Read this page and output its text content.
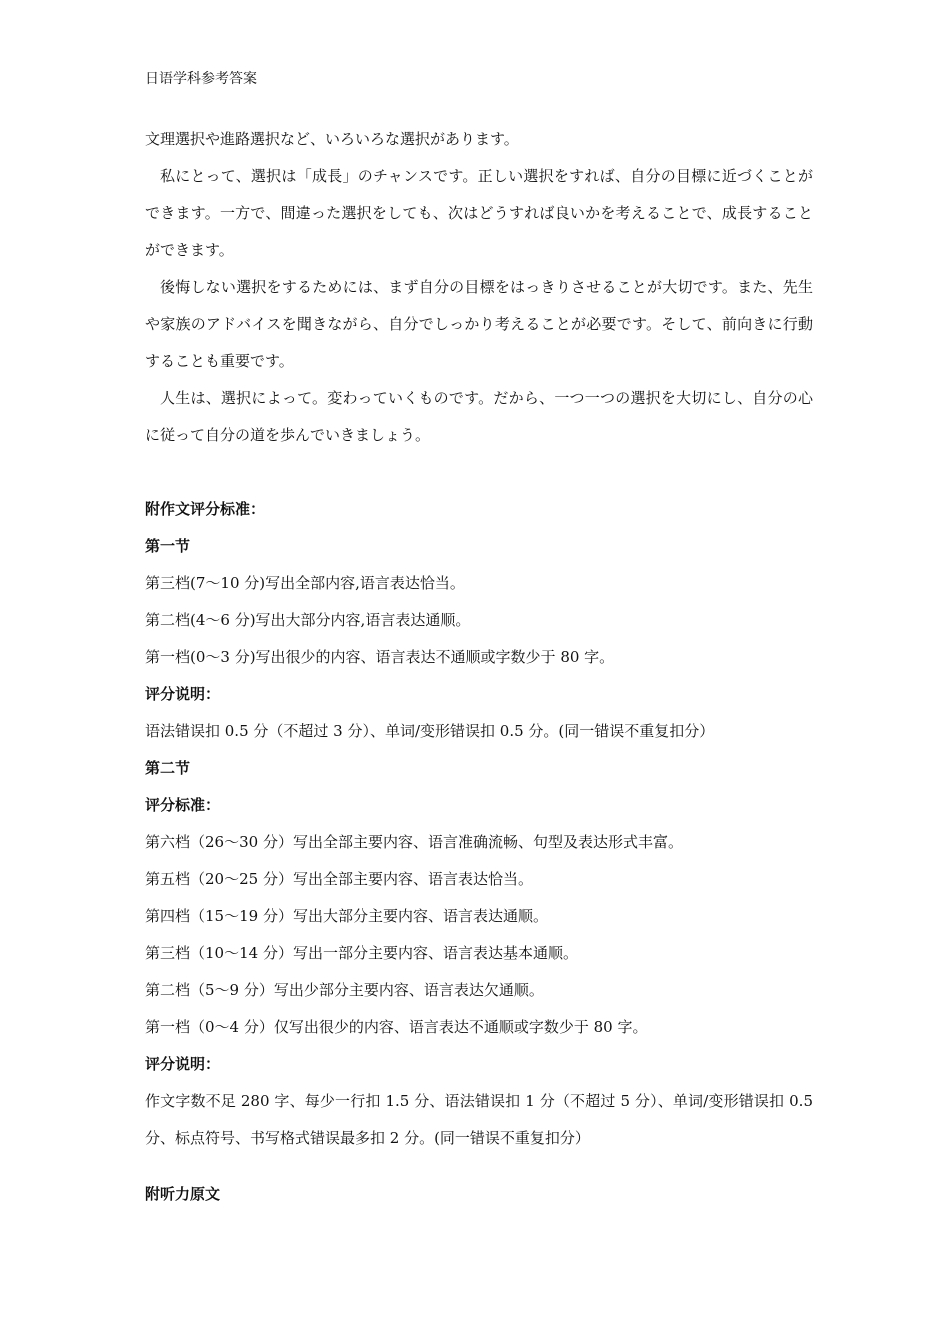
日语学科参考答案

文理選択や進路選択など、いろいろな選択があります。

私にとって、選択は「成長」のチャンスです。正しい選択をすれば、自分の目標に近づくことができます。一方で、間違った選択をしても、次はどうすれば良いかを考えることで、成長することができます。

後悔しない選択をするためには、まず自分の目標をはっきりさせることが大切です。また、先生や家族のアドバイスを聞きながら、自分でしっかり考えることが必要です。そして、前向きに行動することも重要です。

人生は、選択によって。変わっていくものです。だから、一つ一つの選択を大切にし、自分の心に従って自分の道を歩んでいきましょう。

附作文评分标准：

第一节

第三档(7～10 分)写出全部内容,语言表达恰当。

第二档(4～6 分)写出大部分内容,语言表达通顺。

第一档(0～3 分)写出很少的内容、语言表达不通顺或字数少于 80 字。

评分说明：

语法错误扣 0.5 分（不超过 3 分）、单词/变形错误扣 0.5 分。(同一错误不重复扣分）

第二节

评分标准：

第六档（26～30 分）写出全部主要内容、语言准确流畅、句型及表达形式丰富。

第五档（20～25 分）写出全部主要内容、语言表达恰当。

第四档（15～19 分）写出大部分主要内容、语言表达通顺。

第三档（10～14 分）写出一部分主要内容、语言表达基本通顺。

第二档（5～9 分）写出少部分主要内容、语言表达欠通顺。

第一档（0～4 分）仅写出很少的内容、语言表达不通顺或字数少于 80 字。

评分说明：

作文字数不足 280 字、每少一行扣 1.5 分、语法错误扣 1 分（不超过 5 分）、单词/变形错误扣 0.5 分、标点符号、书写格式错误最多扣 2 分。(同一错误不重复扣分）

附听力原文
